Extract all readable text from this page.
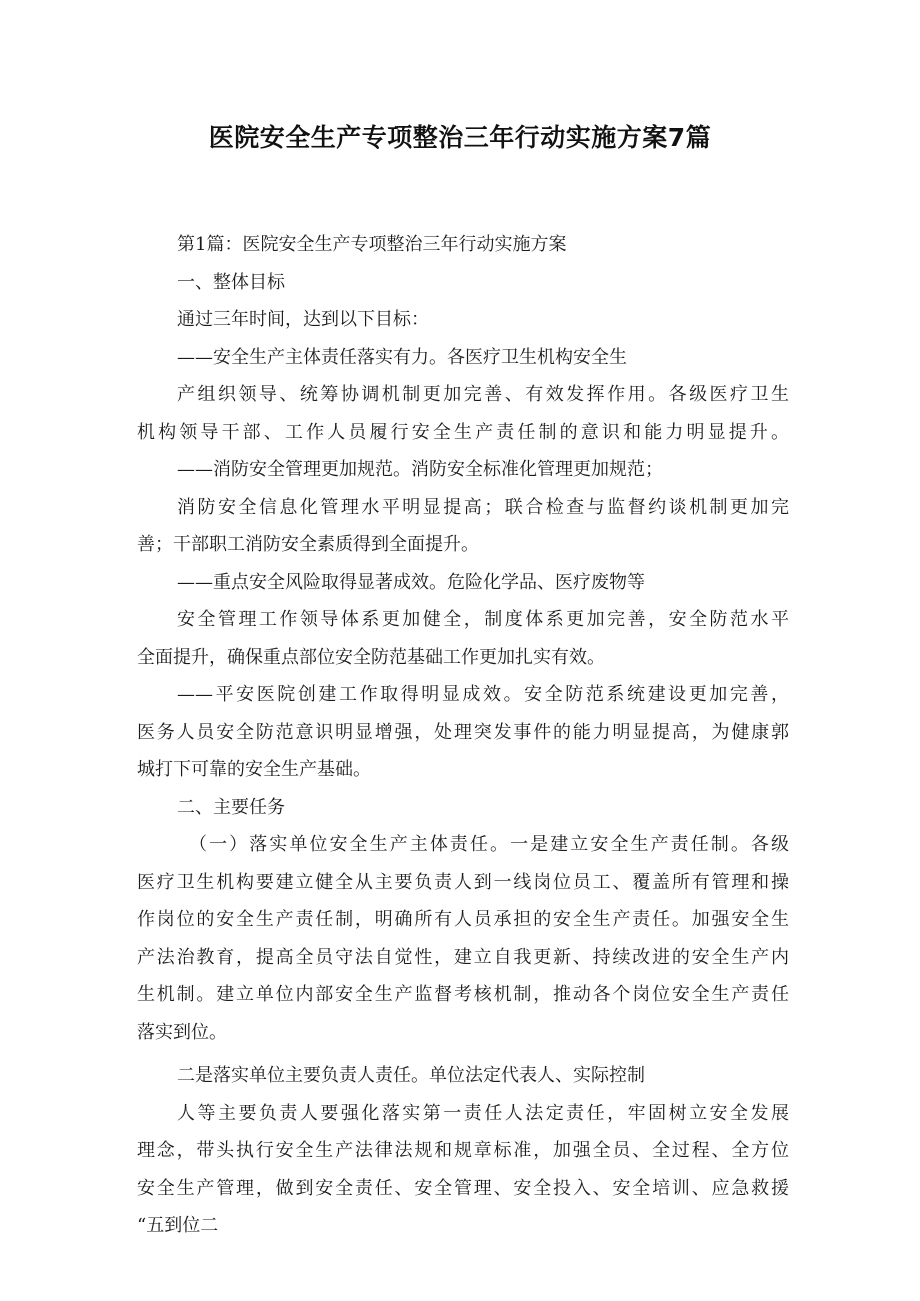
医院安全生产专项整治三年行动实施方案7篇
第1篇：医院安全生产专项整治三年行动实施方案
一、整体目标
通过三年时间，达到以下目标：
——安全生产主体责任落实有力。各医疗卫生机构安全生
产组织领导、统筹协调机制更加完善、有效发挥作用。各级医疗卫生
机构领导干部、工作人员履行安全生产责任制的意识和能力明显提升。
——消防安全管理更加规范。消防安全标准化管理更加规范；
消防安全信息化管理水平明显提高；联合检查与监督约谈机制更加完
善；干部职工消防安全素质得到全面提升。
——重点安全风险取得显著成效。危险化学品、医疗废物等
安全管理工作领导体系更加健全，制度体系更加完善，安全防范水平
全面提升，确保重点部位安全防范基础工作更加扎实有效。
——平安医院创建工作取得明显成效。安全防范系统建设更加完善，
医务人员安全防范意识明显增强，处理突发事件的能力明显提高，为健康郭
城打下可靠的安全生产基础。
二、主要任务
（一）落实单位安全生产主体责任。一是建立安全生产责任制。各级
医疗卫生机构要建立健全从主要负责人到一线岗位员工、覆盖所有管理和操
作岗位的安全生产责任制，明确所有人员承担的安全生产责任。加强安全生
产法治教育，提高全员守法自觉性，建立自我更新、持续改进的安全生产内
生机制。建立单位内部安全生产监督考核机制，推动各个岗位安全生产责任
落实到位。
二是落实单位主要负责人责任。单位法定代表人、实际控制
人等主要负责人要强化落实第一责任人法定责任，牢固树立安全发展
理念，带头执行安全生产法律法规和规章标准，加强全员、全过程、全方位
安全生产管理，做到安全责任、安全管理、安全投入、安全培训、应急救援
“五到位二
